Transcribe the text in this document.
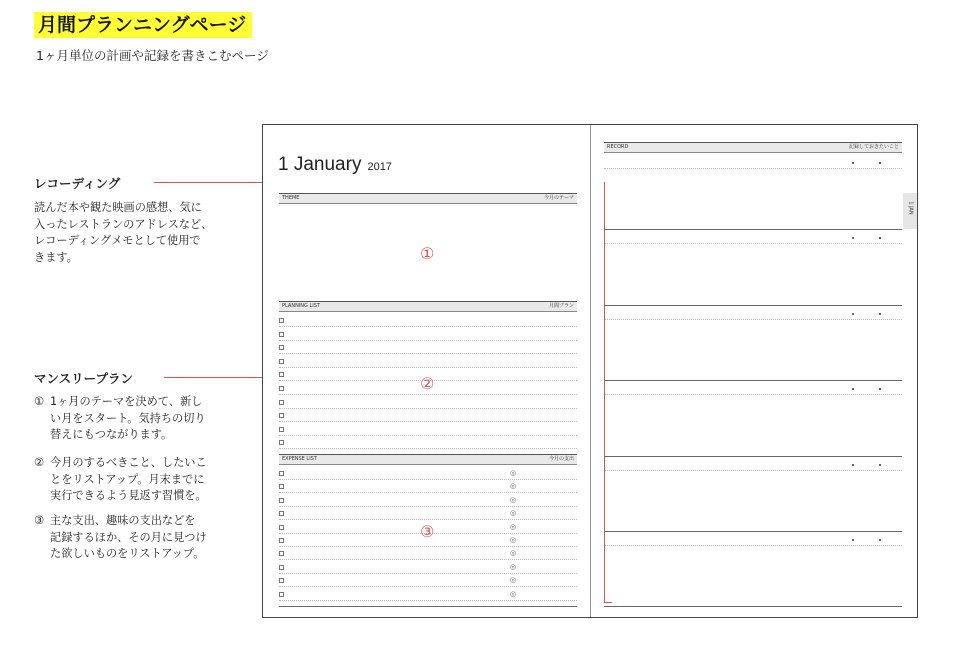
月間プランニングページ
1ヶ月単位の計画や記録を書きこむページ
レコーディング
読んだ本や観た映画の感想、気に
入ったレストランのアドレスなど、
レコーディングメモとして使用で
きます。
マンスリープラン
① 1ヶ月のテーマを決めて、新し
い月をスタート。気持ちの切り
替えにもつながります。
② 今月のするべきこと、したいこ
とをリストアップ。月末までに
実行できるよう見返す習慣を。
③ 主な支出、趣味の支出などを
記録するほか、その月に見つけ
た欲しいものをリストアップ。
1 January 2017
THEME	今月のテーマ
①
PLANNING LIST	月間プラン
②
EXPENSE LIST	今月の支出
◎
◎
◎
◎
◎
◎
◎
◎
◎
◎
③
RECORD	記録しておきたいこと
1 JAN
